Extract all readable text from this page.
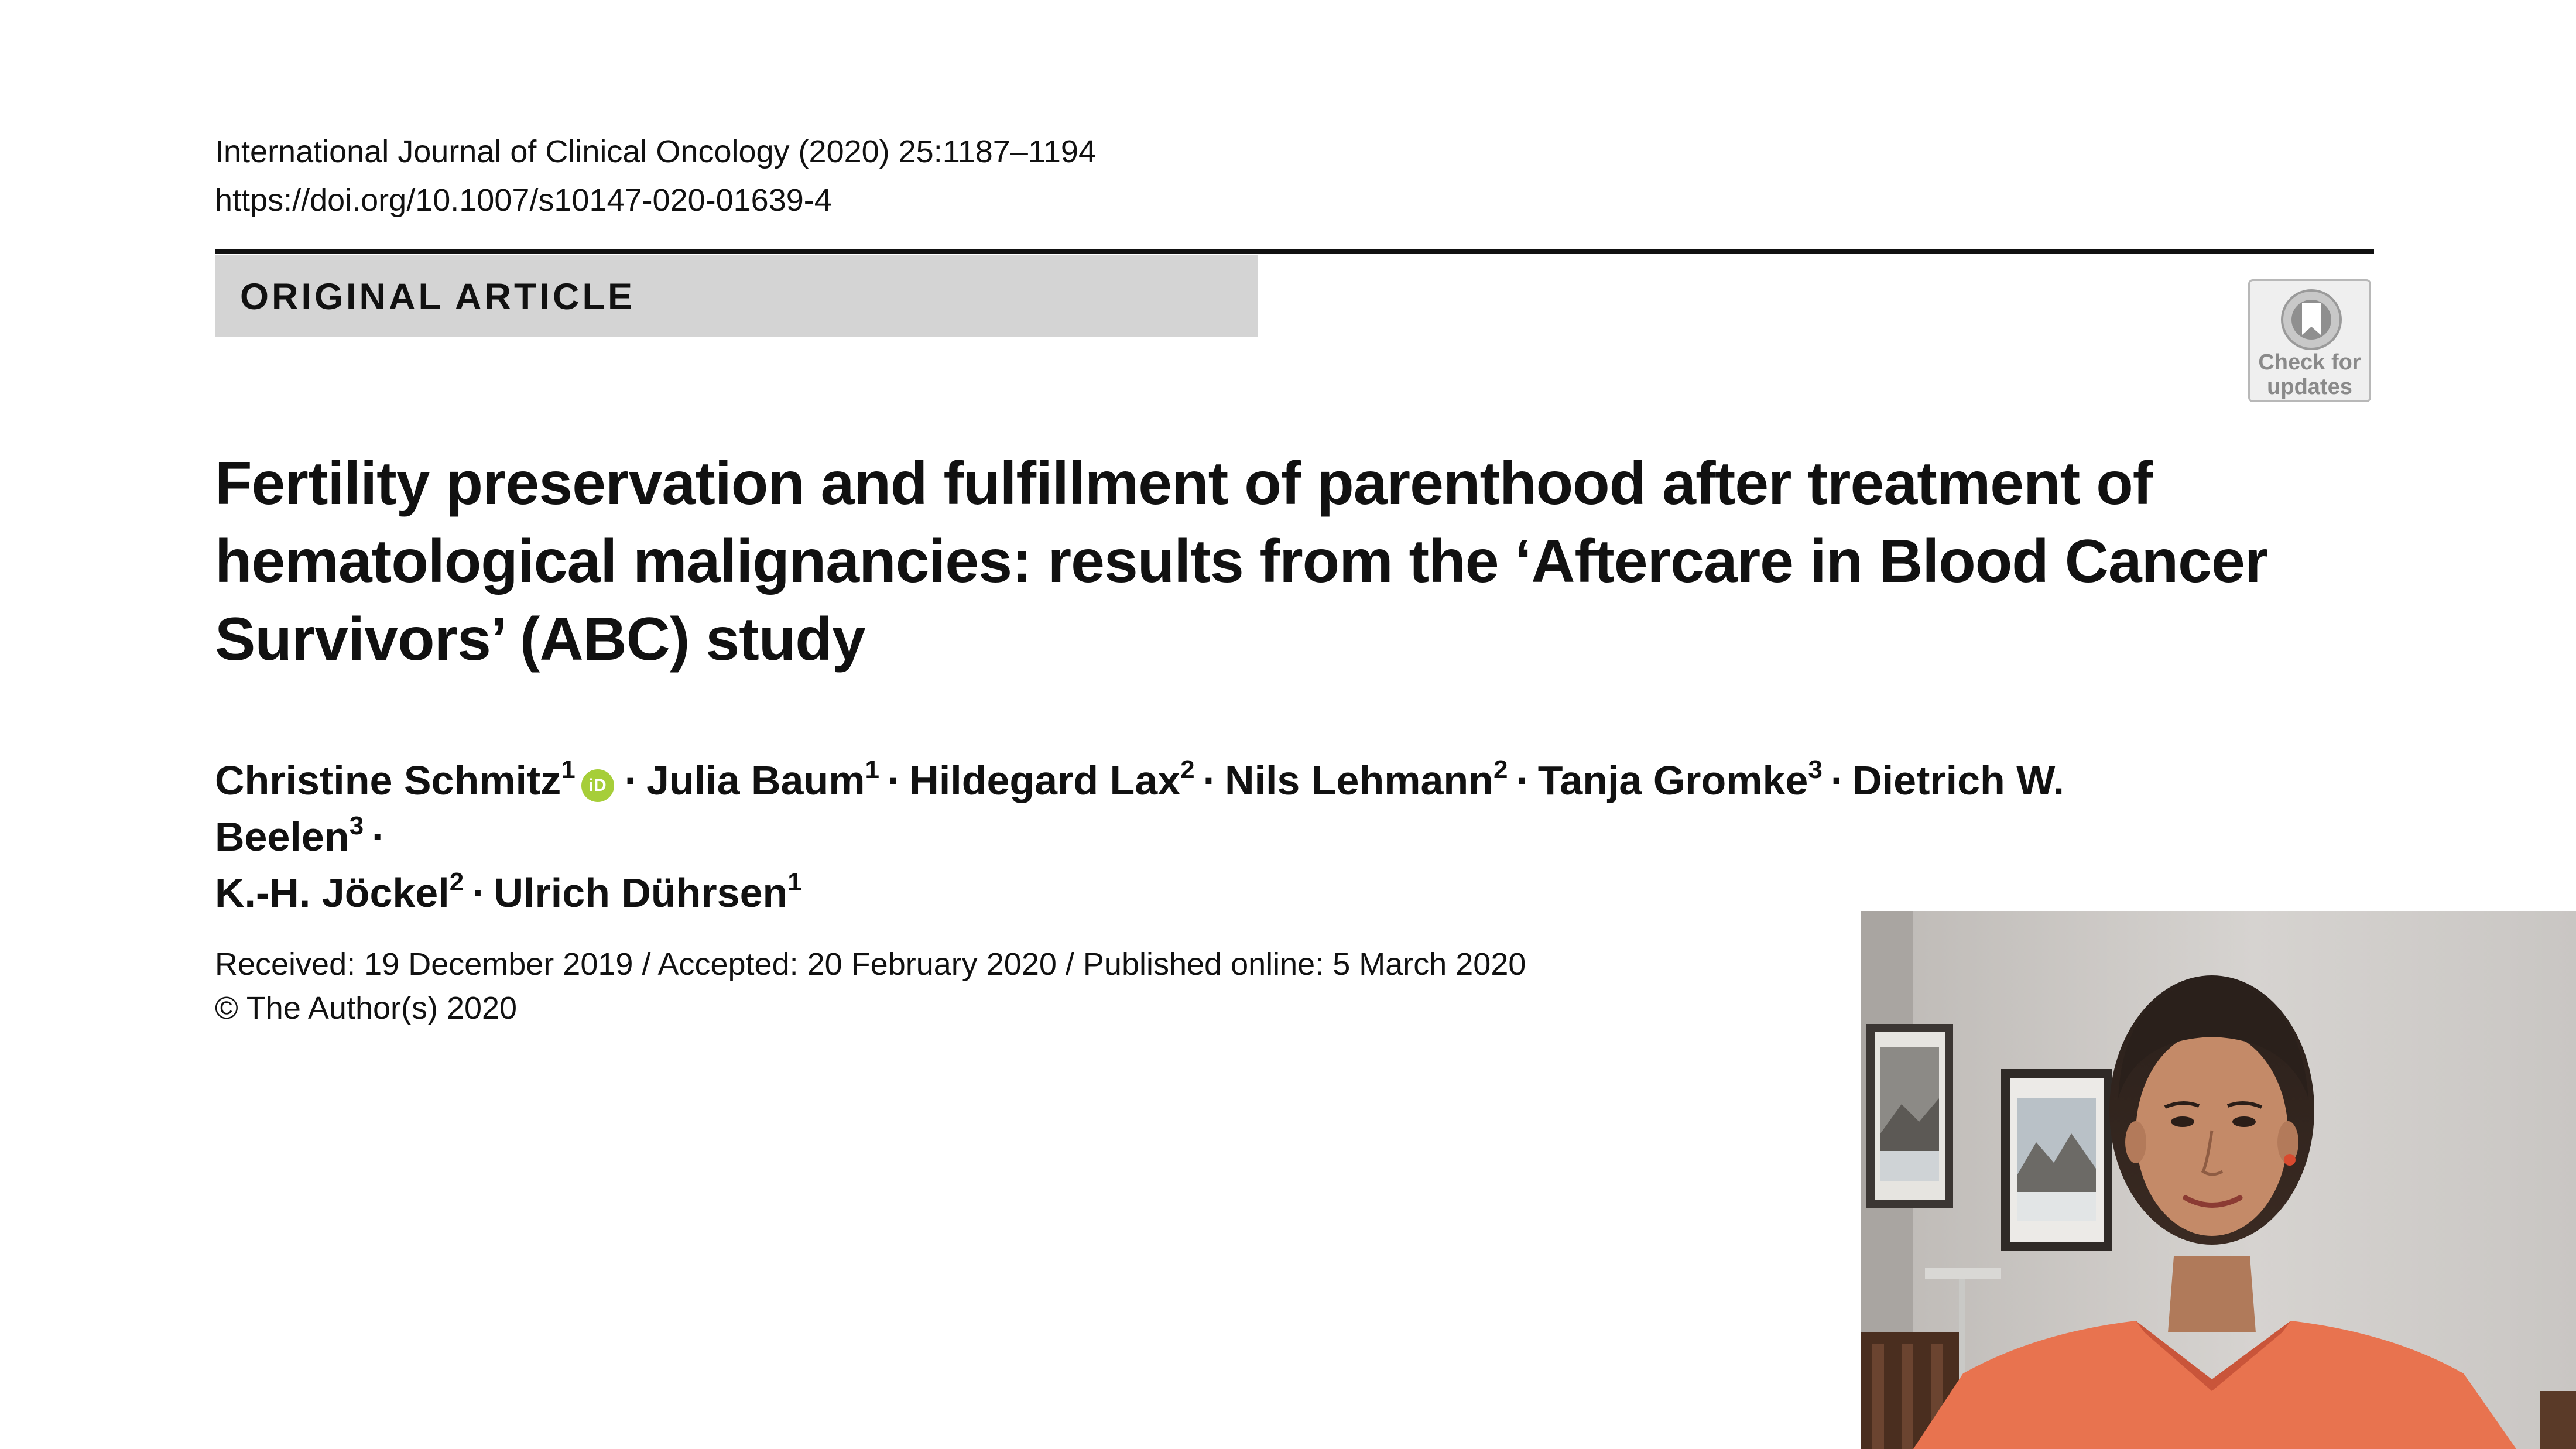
International Journal of Clinical Oncology (2020) 25:1187–1194
https://doi.org/10.1007/s10147-020-01639-4
ORIGINAL ARTICLE
Check for
updates
Fertility preservation and fulfillment of parenthood after treatment of hematological malignancies: results from the ‘Aftercare in Blood Cancer Survivors’ (ABC) study
Christine Schmitz$^1$iD · Julia Baum$^1$ · Hildegard Lax$^2$ · Nils Lehmann$^2$ · Tanja Gromke$^3$ · Dietrich W. Beelen$^3$ ·
K.-H. Jöckel$^2$ · Ulrich Dührsen$^1$
Received: 19 December 2019 / Accepted: 20 February 2020 / Published online: 5 March 2020
© The Author(s) 2020
